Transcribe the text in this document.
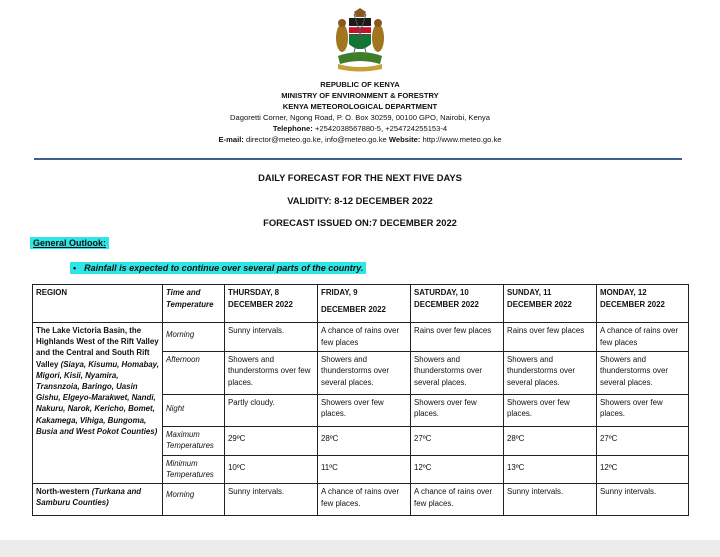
REPUBLIC OF KENYA
MINISTRY OF ENVIRONMENT & FORESTRY
KENYA METEOROLOGICAL DEPARTMENT
Dagoretti Corner, Ngong Road, P. O. Box 30259, 00100 GPO, Nairobi, Kenya
Telephone: +2542038567880-5, +254724255153-4
E-mail: director@meteo.go.ke, info@meteo.go.ke Website: http://www.meteo.go.ke
DAILY FORECAST FOR THE NEXT FIVE DAYS
VALIDITY: 8-12 DECEMBER 2022
FORECAST ISSUED ON:7 DECEMBER 2022
General Outlook:
• Rainfall is expected to continue over several parts of the country.
REGION	Time and Temperature	THURSDAY, 8 DECEMBER 2022	FRIDAY, 9
DECEMBER 2022	SATURDAY, 10 DECEMBER 2022	SUNDAY, 11 DECEMBER 2022	MONDAY, 12 DECEMBER 2022
The Lake Victoria Basin, the Highlands West of the Rift Valley and the Central and South Rift Valley (Siaya, Kisumu, Homabay, Migori, Kisii, Nyamira, Transnzoia, Baringo, Uasin Gishu, Elgeyo-Marakwet, Nandi, Nakuru, Narok, Kericho, Bomet, Kakamega, Vihiga, Bungoma, Busia and West Pokot Counties)	Morning	Sunny intervals.	A chance of rains over few places	Rains over few places	Rains over few places	A chance of rains over few places
	Afternoon	Showers and thunderstorms over few places.	Showers and thunderstorms over several places.	Showers and thunderstorms over several places.	Showers and thunderstorms over several places.	Showers and thunderstorms over several places.
	Night	Partly cloudy.	Showers over few places.	Showers over few places.	Showers over few places.	Showers over few places.
	Maximum Temperatures	29ºC	28ºC	27ºC	28ºC	27ºC
	Minimum Temperatures	10ºC	11ºC	12ºC	13ºC	12ºC
North-western (Turkana and Samburu Counties)	Morning	Sunny intervals.	A chance of rains over few places.	A chance of rains over few places.	Sunny intervals.	Sunny intervals.
